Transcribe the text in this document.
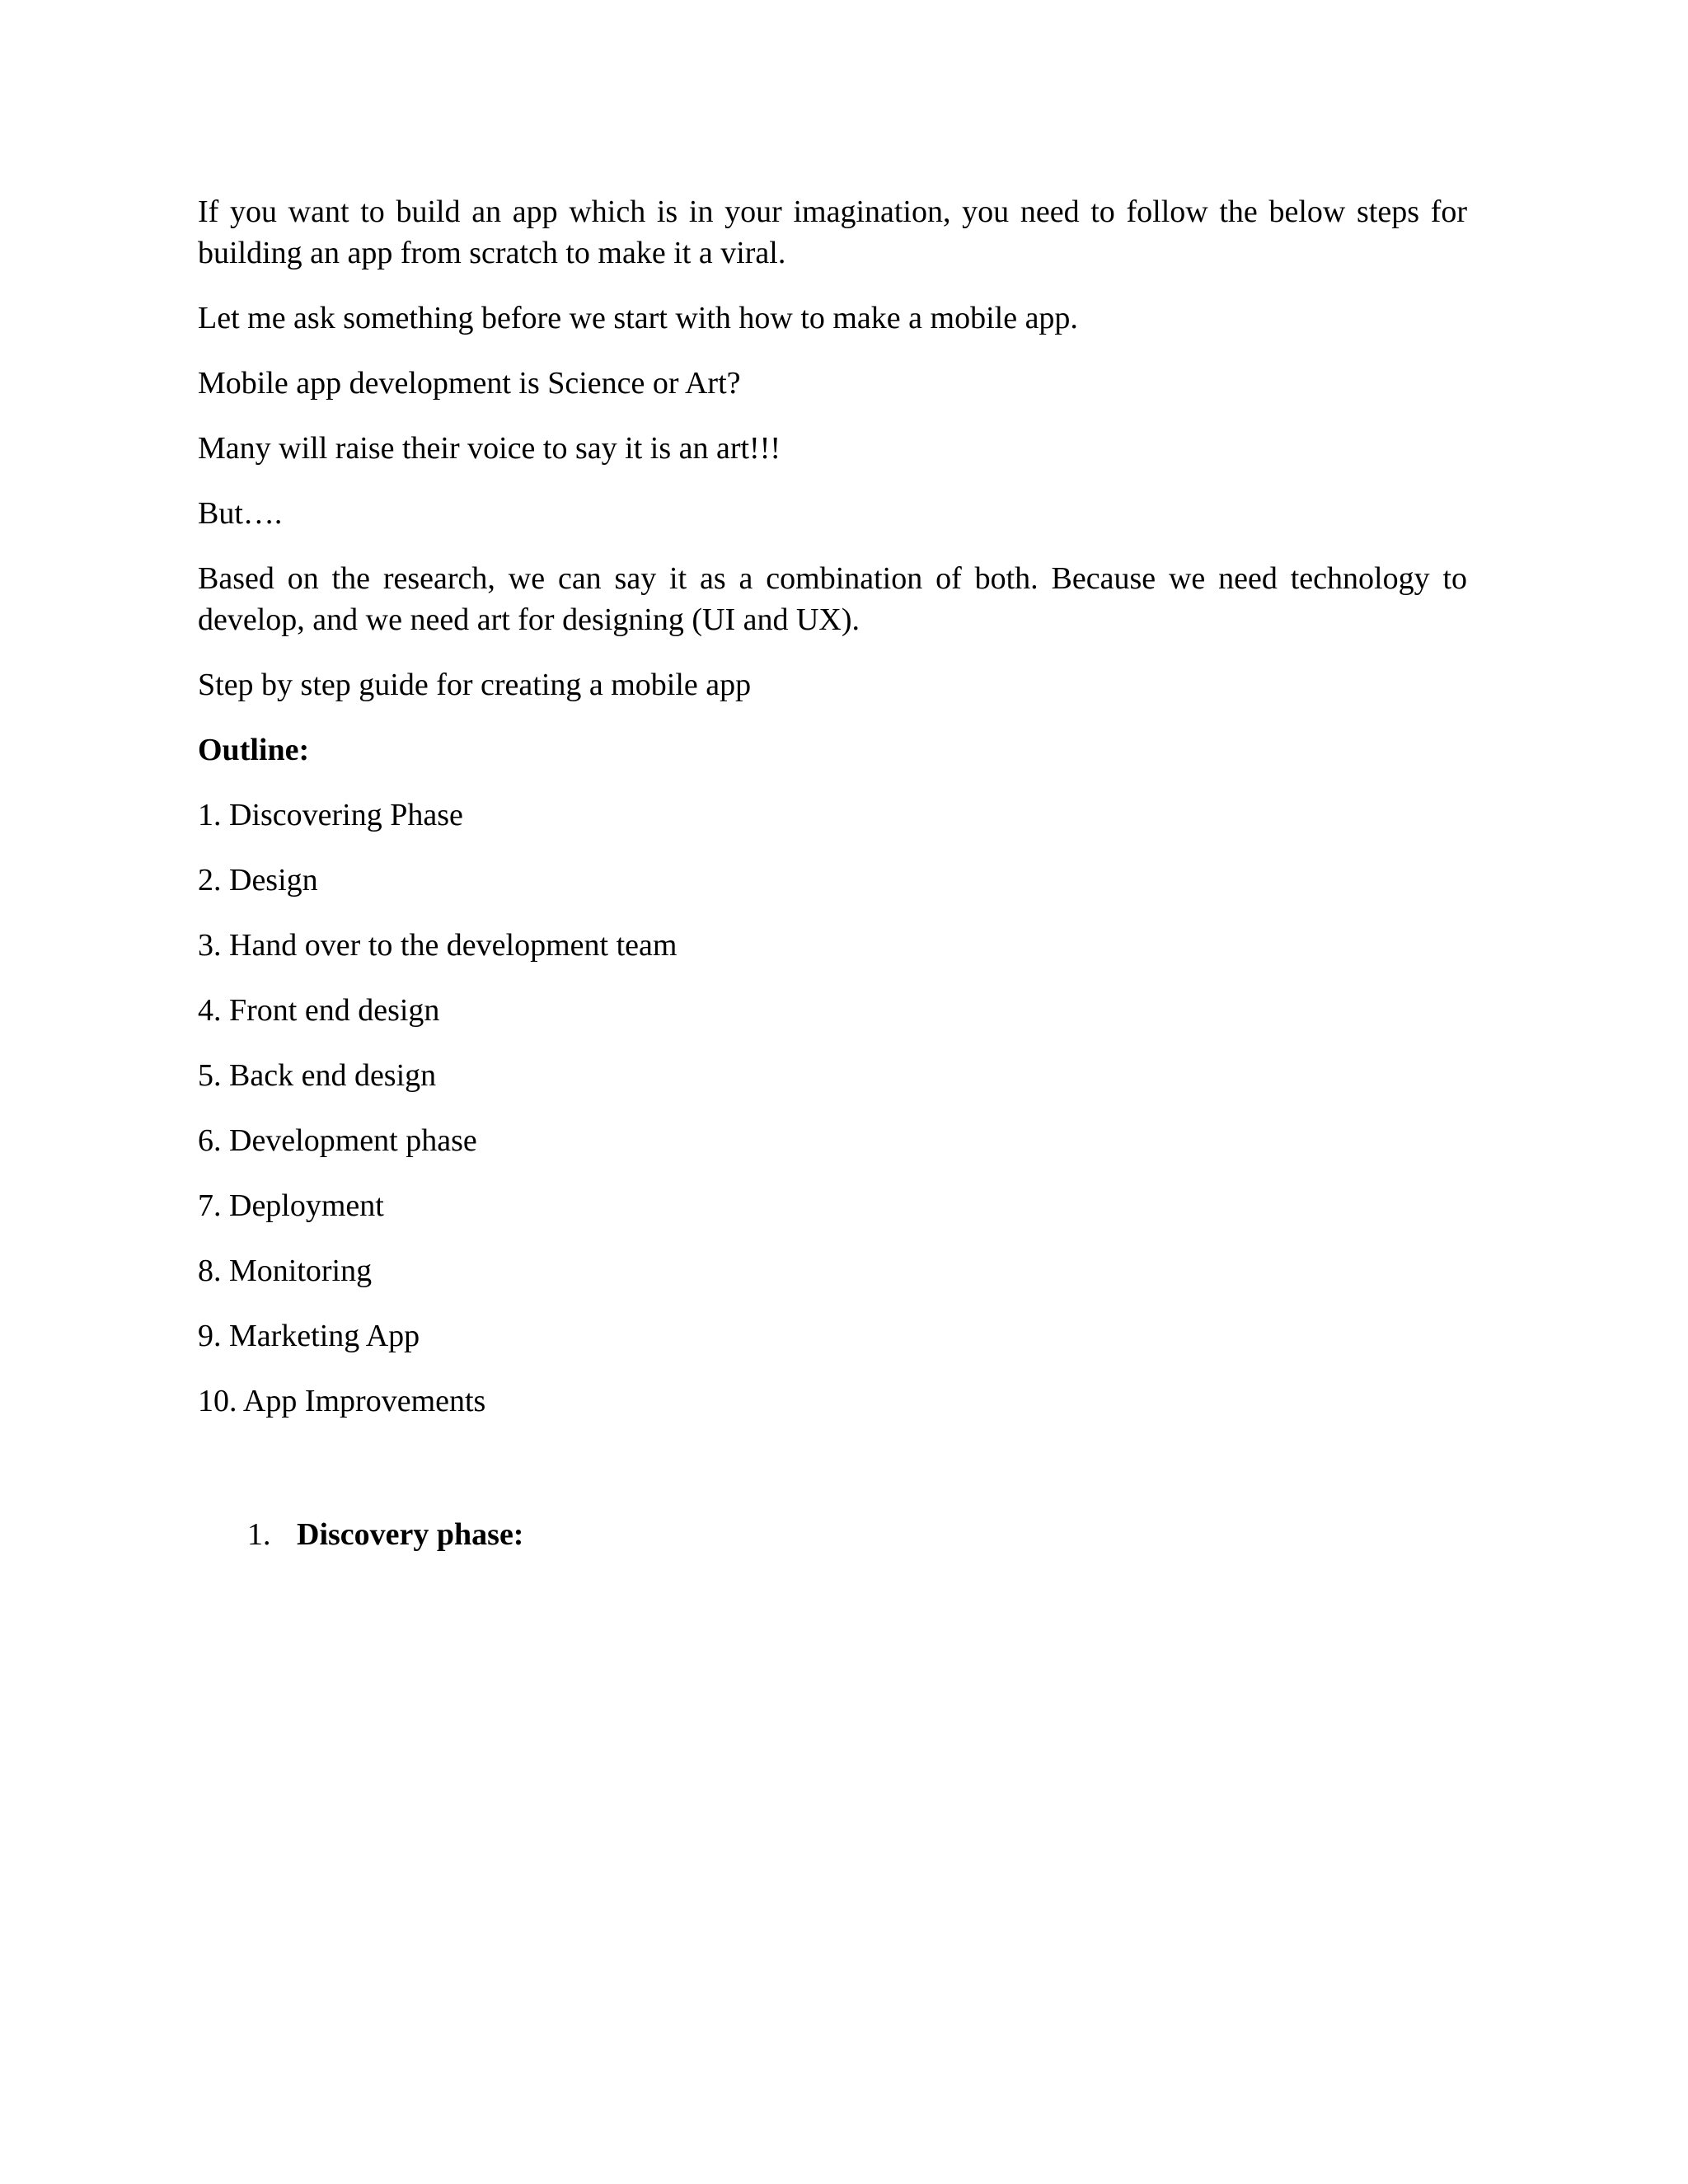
If you want to build an app which is in your imagination, you need to follow the below steps for building an app from scratch to make it a viral.

Let me ask something before we start with how to make a mobile app.

Mobile app development is Science or Art?

Many will raise their voice to say it is an art!!!

But….

Based on the research, we can say it as a combination of both. Because we need technology to develop, and we need art for designing (UI and UX).

Step by step guide for creating a mobile app

Outline:

1. Discovering Phase
2. Design
3. Hand over to the development team
4. Front end design
5. Back end design
6. Development phase
7. Deployment
8. Monitoring
9. Marketing App
10. App Improvements
1. Discovery phase:
